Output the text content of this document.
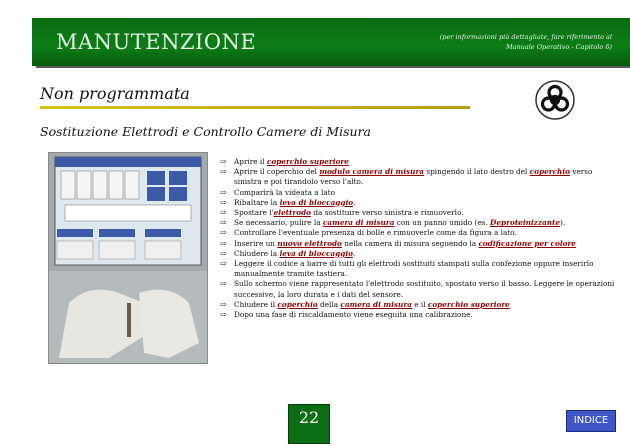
MANUTENZIONE	(per informazioni più dettagliate, fare riferimento al
Manuale Operativo - Capitolo 6)
Non programmata
Sostituzione Elettrodi e Controllo Camere di Misura
⇨ Aprire il coperchio superiore
⇨ Aprire il coperchio del modulo camera di misura spingendo il lato destro del coperchio verso sinistra e poi tirandolo verso l'alto.
⇨ Comparirà la videata a lato
⇨ Ribaltare la leva di bloccaggio.
⇨ Spostare l'elettrodo da sostituire verso sinistra e rimuoverlo.
⇨ Se necessario, pulire la camera di misura con un panno umido (es. Deproteinizzante).
⇨ Controllare l'eventuale presenza di bolle e rimuoverle come da figura a lato.
⇨ Inserire un nuovo elettrodo nella camera di misura seguendo la codificazione per colore
⇨ Chiudere la leva di bloccaggio.
⇨ Leggere il codice a barre di tutti gli elettrodi sostituiti stampati sulla confezione oppure inserirlo manualmente tramite tastiera.
⇨ Sullo schermo viene rappresentato l'elettrodo sostituito, spostato verso il basso. Leggere le operazioni successive, la loro durata e i dati del sensore.
⇨ Chiudere il coperchio della camera di misura e il coperchio superiore
⇨ Dopo una fase di riscaldamento viene eseguita una calibrazione.
22	INDICE
